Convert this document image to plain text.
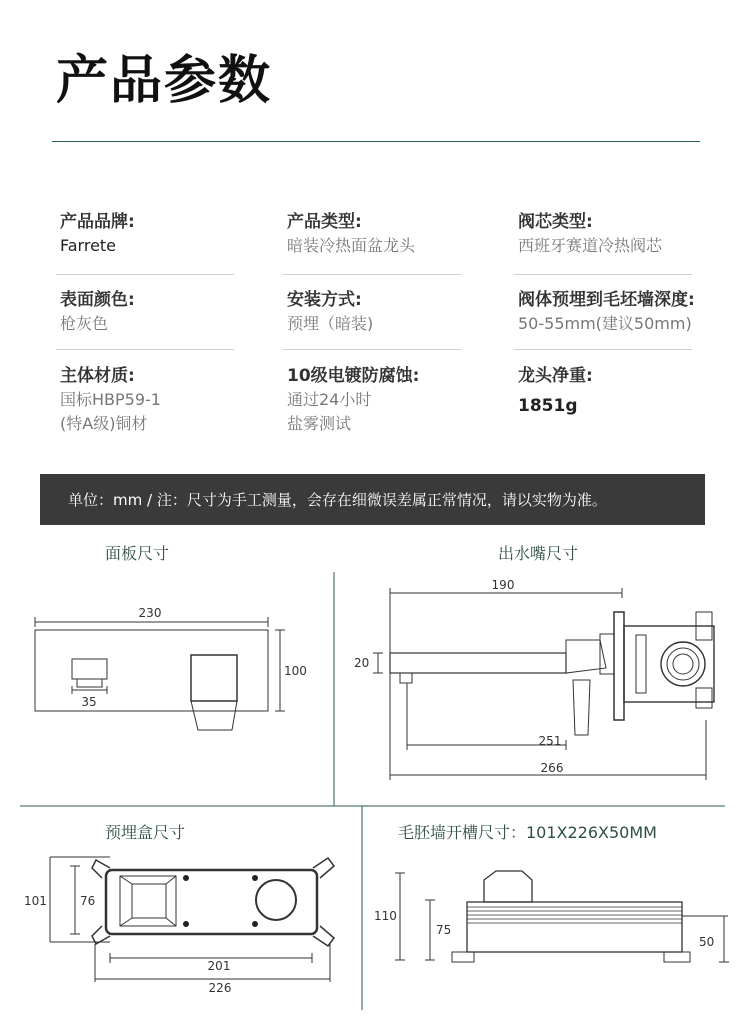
产品参数
产品品牌:
Farrete
产品类型:
暗装冷热面盆龙头
阀芯类型:
西班牙赛道冷热阀芯
表面颜色:
枪灰色
安装方式:
预埋（暗装)
阀体预埋到毛坯墙深度:
50-55mm(建议50mm)
主体材质:
国标HBP59-1
(特A级)铜材
10级电镀防腐蚀:
通过24小时
盐雾测试
龙头净重:
1851g
单位：mm / 注：尺寸为手工测量，会存在细微误差属正常情况，请以实物为准。
面板尺寸	出水嘴尺寸
预埋盒尺寸	毛胚墙开槽尺寸：101X226X50MM
230
35
100
190
20
251
266
101	76
201
226
110
75
50
